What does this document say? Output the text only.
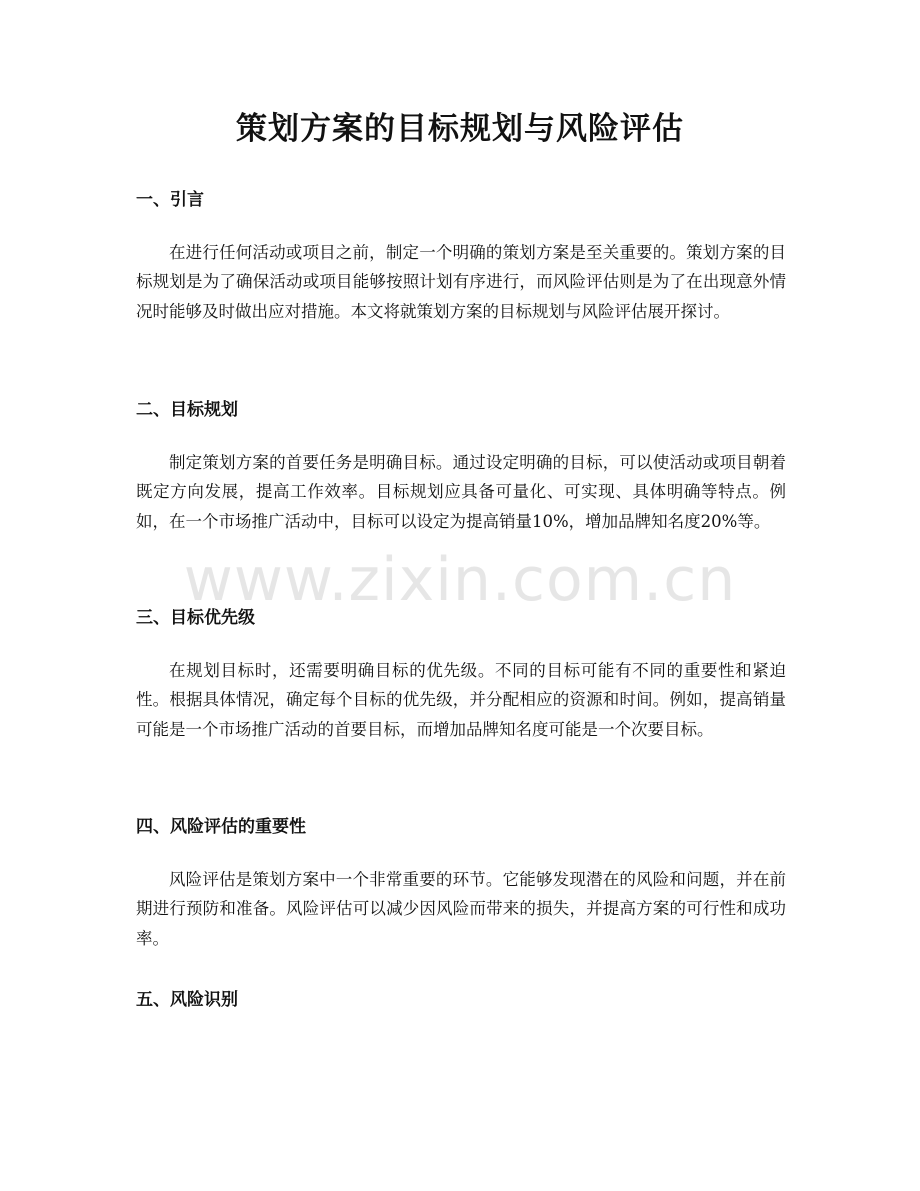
策划方案的目标规划与风险评估
一、引言

在进行任何活动或项目之前，制定一个明确的策划方案是至关重要的。策划方案的目标规划是为了确保活动或项目能够按照计划有序进行，而风险评估则是为了在出现意外情况时能够及时做出应对措施。本文将就策划方案的目标规划与风险评估展开探讨。

二、目标规划

制定策划方案的首要任务是明确目标。通过设定明确的目标，可以使活动或项目朝着既定方向发展，提高工作效率。目标规划应具备可量化、可实现、具体明确等特点。例如，在一个市场推广活动中，目标可以设定为提高销量10%，增加品牌知名度20%等。

三、目标优先级

在规划目标时，还需要明确目标的优先级。不同的目标可能有不同的重要性和紧迫性。根据具体情况，确定每个目标的优先级，并分配相应的资源和时间。例如，提高销量可能是一个市场推广活动的首要目标，而增加品牌知名度可能是一个次要目标。

四、风险评估的重要性

风险评估是策划方案中一个非常重要的环节。它能够发现潜在的风险和问题，并在前期进行预防和准备。风险评估可以减少因风险而带来的损失，并提高方案的可行性和成功率。

五、风险识别
www.zixin.com.cn
